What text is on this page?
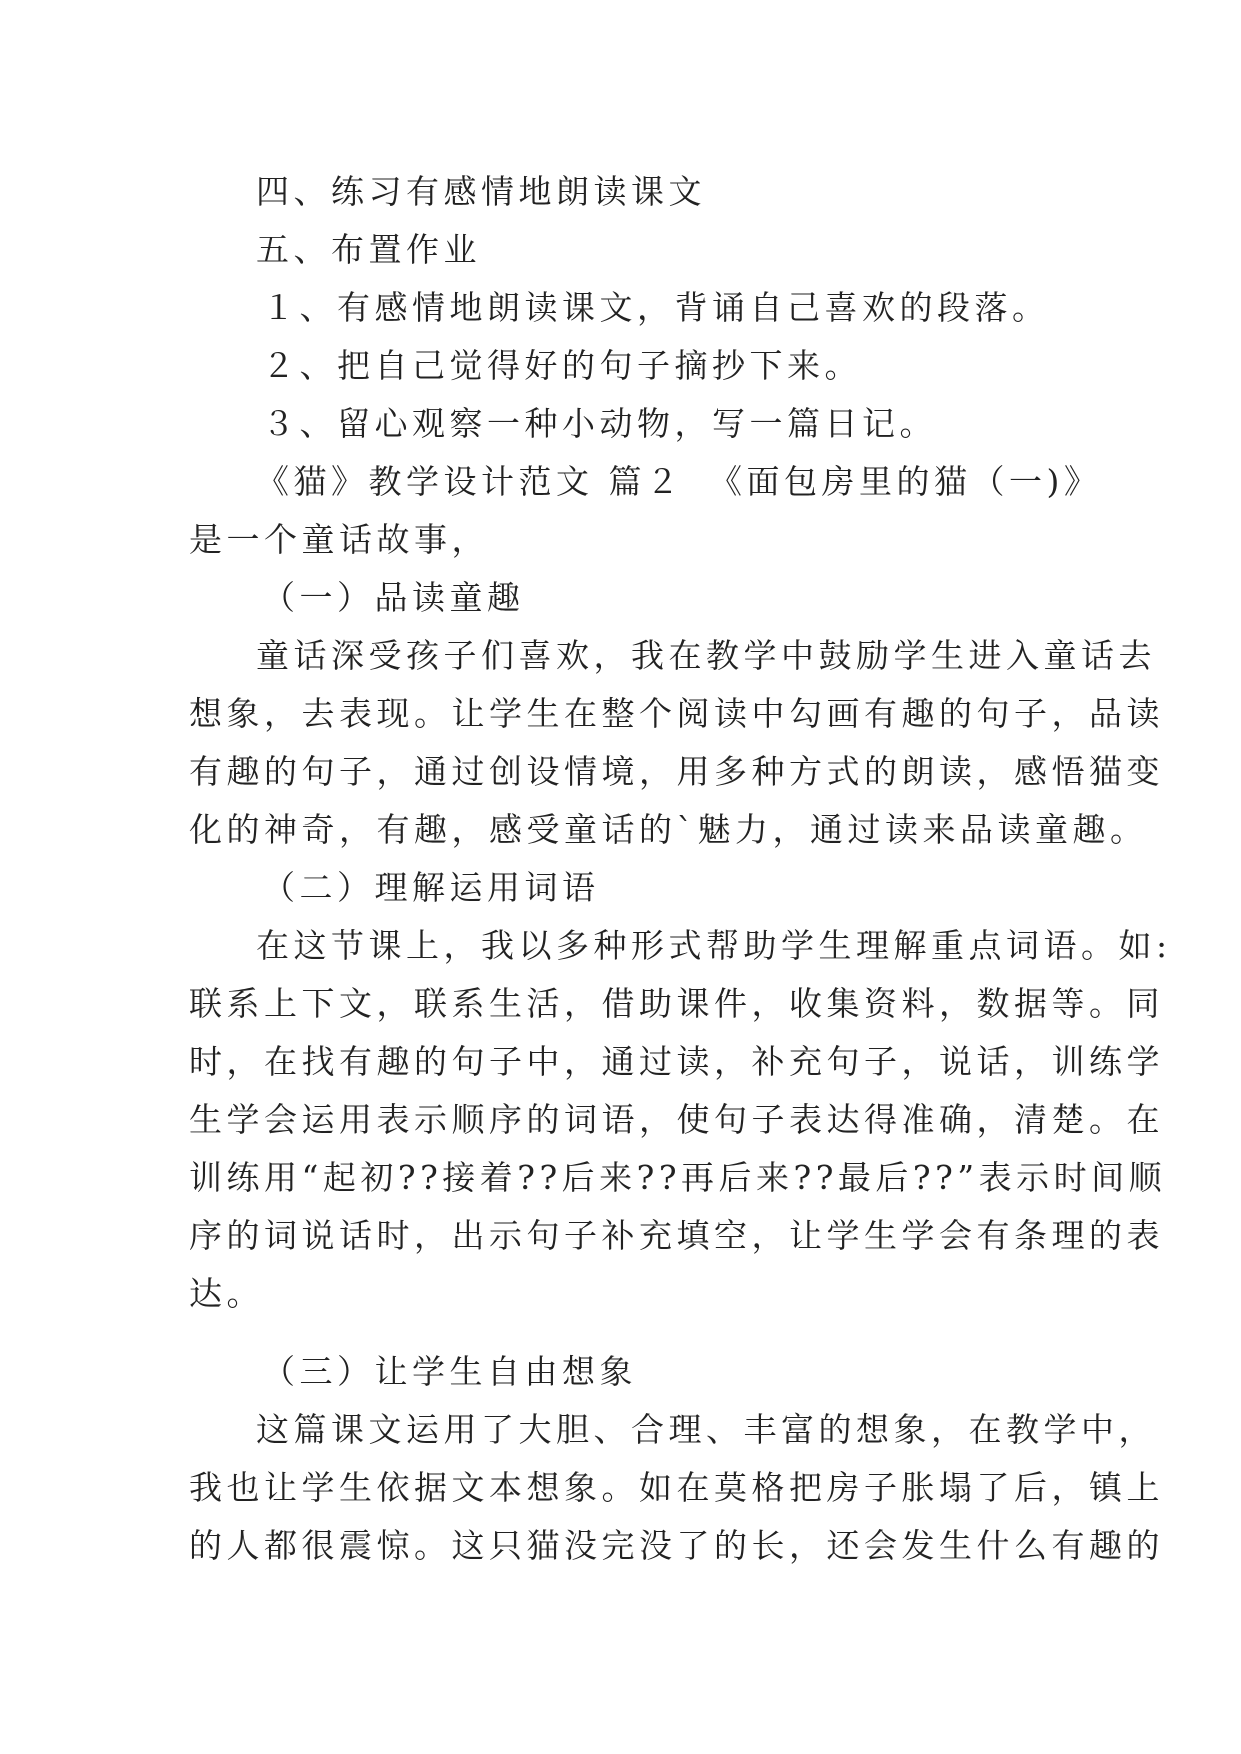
四、练习有感情地朗读课文
五、布置作业
１、有感情地朗读课文，背诵自己喜欢的段落。
２、把自己觉得好的句子摘抄下来。
３、留心观察一种小动物，写一篇日记。
《猫》教学设计范文 篇２ 《面包房里的猫（一)》
是一个童话故事，
（一）品读童趣
童话深受孩子们喜欢，我在教学中鼓励学生进入童话去
想象，去表现。让学生在整个阅读中勾画有趣的句子，品读
有趣的句子，通过创设情境，用多种方式的朗读，感悟猫变
化的神奇，有趣，感受童话的`魅力，通过读来品读童趣。
（二）理解运用词语
在这节课上，我以多种形式帮助学生理解重点词语。如:
联系上下文，联系生活，借助课件，收集资料，数据等。同
时，在找有趣的句子中，通过读，补充句子，说话，训练学
生学会运用表示顺序的词语，使句子表达得准确，清楚。在
训练用“起初??接着??后来??再后来??最后??”表示时间顺
序的词说话时，出示句子补充填空，让学生学会有条理的表
达。
（三）让学生自由想象
这篇课文运用了大胆、合理、丰富的想象，在教学中，
我也让学生依据文本想象。如在莫格把房子胀塌了后，镇上
的人都很震惊。这只猫没完没了的长，还会发生什么有趣的
